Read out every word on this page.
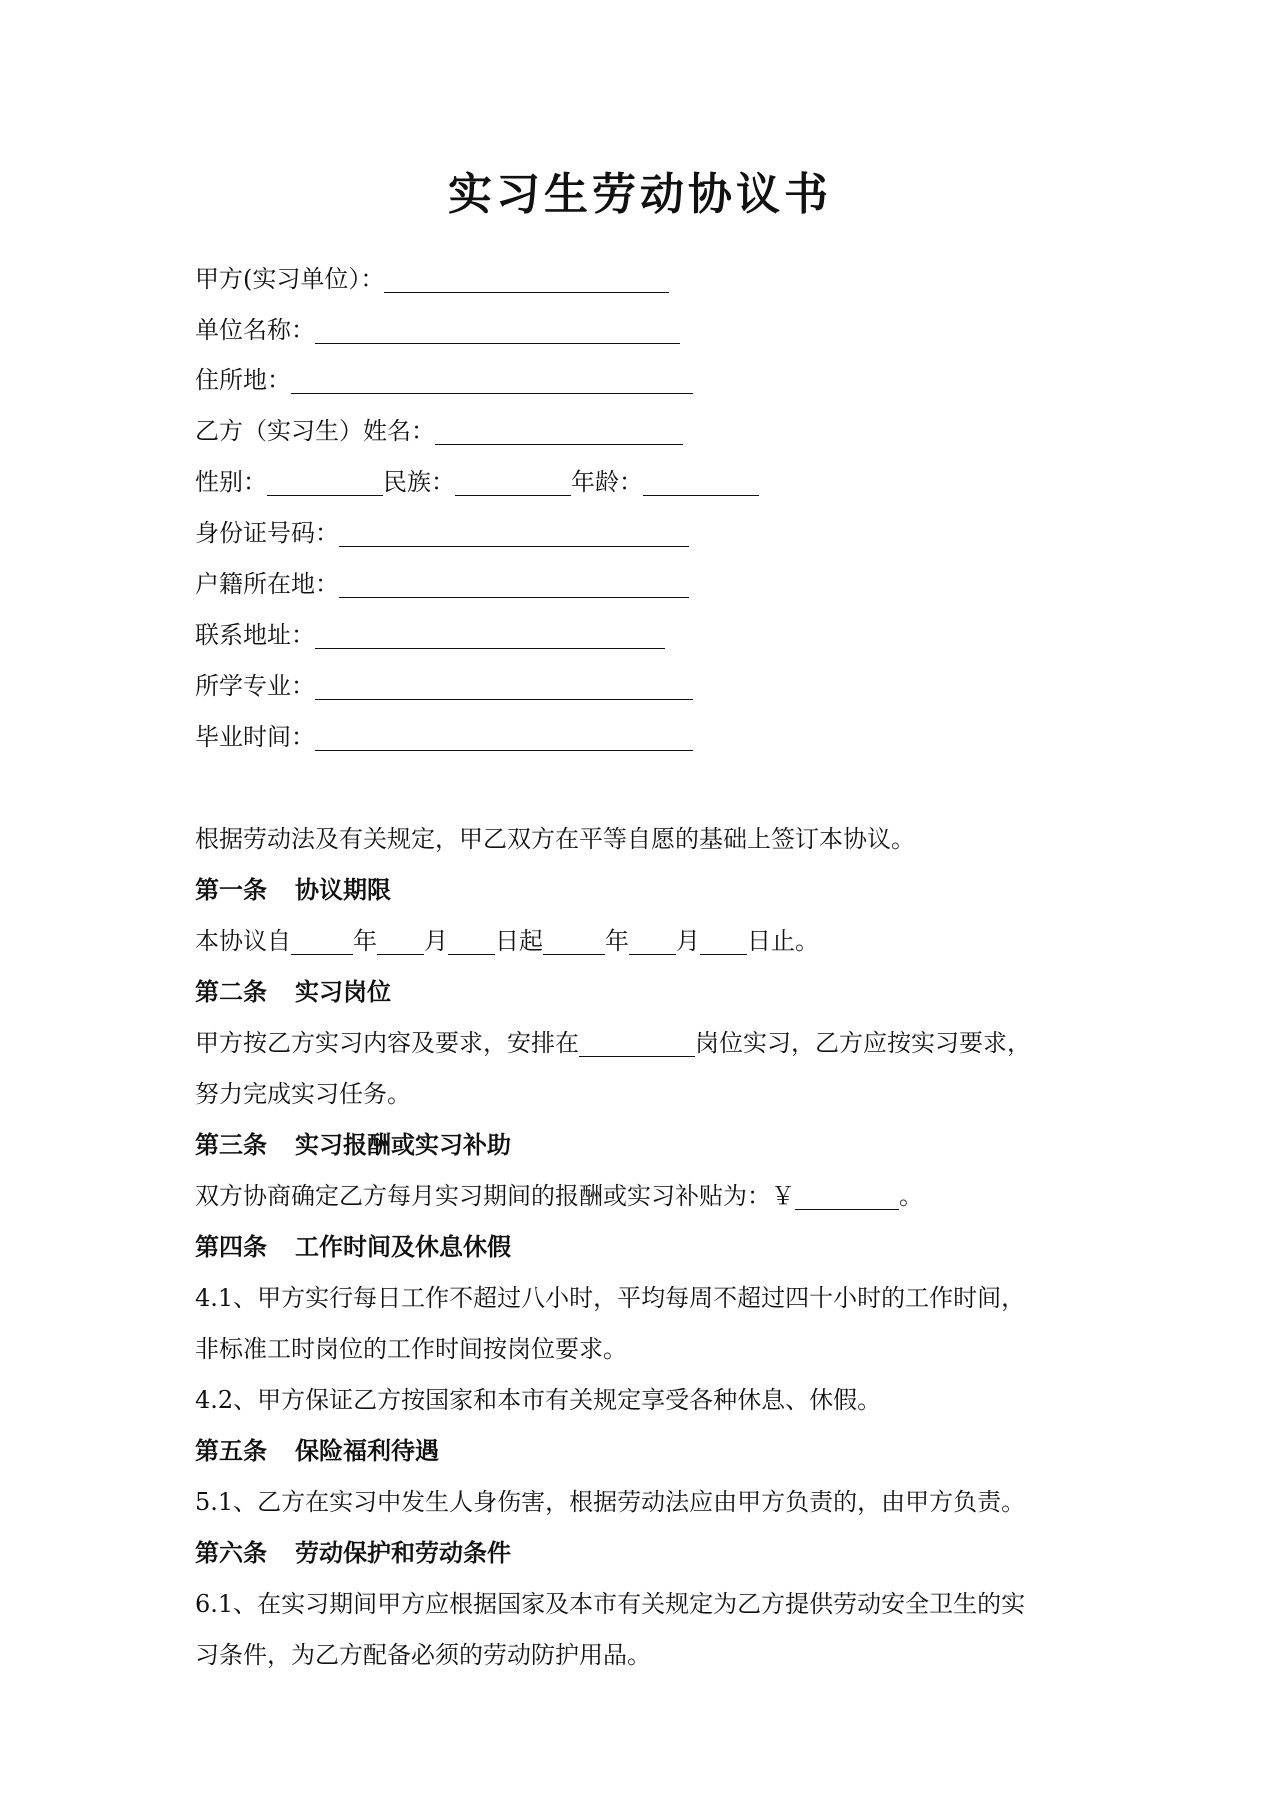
实习生劳动协议书
甲方(实习单位）：
单位名称：
住所地：
乙方（实习生）姓名：
性别：	民族：	年龄：
身份证号码：
户籍所在地：
联系地址：
所学专业：
毕业时间：
根据劳动法及有关规定，甲乙双方在平等自愿的基础上签订本协议。
第一条 协议期限
本协议自	年 月 日起	年 月 日止。
第二条 实习岗位
甲方按乙方实习内容及要求，安排在	岗位实习，乙方应按实习要求，
努力完成实习任务。
第三条 实习报酬或实习补助
双方协商确定乙方每月实习期间的报酬或实习补贴为：￥	。
第四条 工作时间及休息休假
4.1、甲方实行每日工作不超过八小时，平均每周不超过四十小时的工作时间，
非标准工时岗位的工作时间按岗位要求。
4.2、甲方保证乙方按国家和本市有关规定享受各种休息、休假。
第五条 保险福利待遇
5.1、乙方在实习中发生人身伤害，根据劳动法应由甲方负责的，由甲方负责。
第六条 劳动保护和劳动条件
6.1、在实习期间甲方应根据国家及本市有关规定为乙方提供劳动安全卫生的实
习条件，为乙方配备必须的劳动防护用品。
